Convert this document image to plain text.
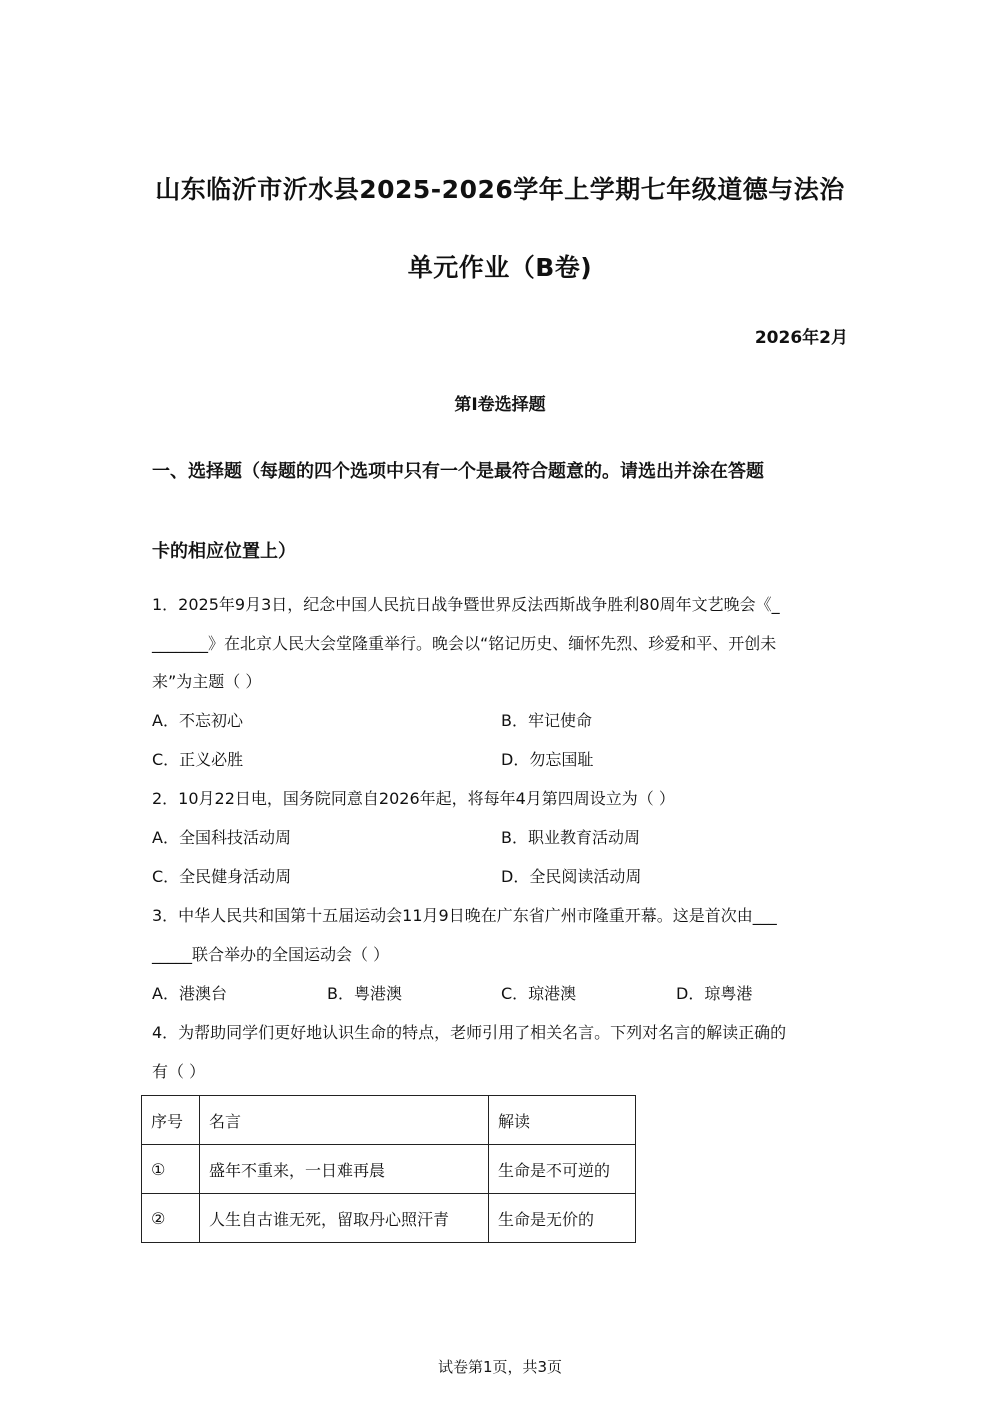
山东临沂市沂水县2025-2026学年上学期七年级道德与法治
单元作业（B卷)
2026年2月
第Ⅰ卷选择题
一、选择题（每题的四个选项中只有一个是最符合题意的。请选出并涂在答题
卡的相应位置上）
1．2025年9月3日，纪念中国人民抗日战争暨世界反法西斯战争胜利80周年文艺晚会《_
_______》在北京人民大会堂隆重举行。晚会以“铭记历史、缅怀先烈、珍爱和平、开创未
来”为主题（ ）
A．不忘初心	B．牢记使命
C．正义必胜	D．勿忘国耻
2．10月22日电，国务院同意自2026年起，将每年4月第四周设立为（ ）
A．全国科技活动周	B．职业教育活动周
C．全民健身活动周	D．全民阅读活动周
3．中华人民共和国第十五届运动会11月9日晚在广东省广州市隆重开幕。这是首次由___
_____联合举办的全国运动会（ ）
A．港澳台	B．粤港澳	C．琼港澳	D．琼粤港
4．为帮助同学们更好地认识生命的特点，老师引用了相关名言。下列对名言的解读正确的
有（ ）
序号	名言	解读
①	盛年不重来，一日难再晨	生命是不可逆的
②	人生自古谁无死，留取丹心照汗青	生命是无价的
试卷第1页，共3页
